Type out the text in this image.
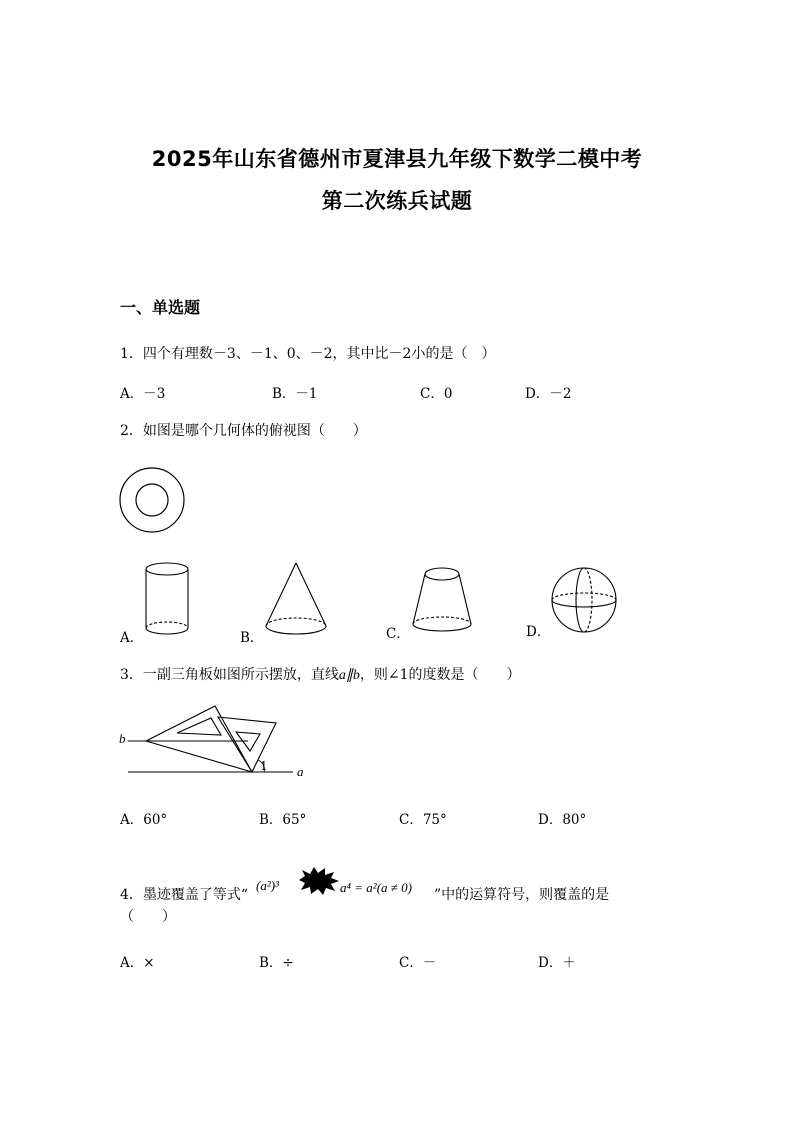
2025年山东省德州市夏津县九年级下数学二模中考
第二次练兵试题
一、单选题
1．四个有理数－3、－1、0、－2，其中比－2小的是（　）
A．－3	B．－1	C．0	D．－2
2．如图是哪个几何体的俯视图（　　）
A．	B．	C．	D．
3．一副三角板如图所示摆放，直线a∥b，则∠1的度数是（　　）
b
a
1
A．60°	B．65°	C．75°	D．80°
4．墨迹覆盖了等式“
(a²)³	a⁴ = a²(a ≠ 0) ”中的运算符号，则覆盖的是
（　　）
A．×	B．÷	C．－	D．＋
